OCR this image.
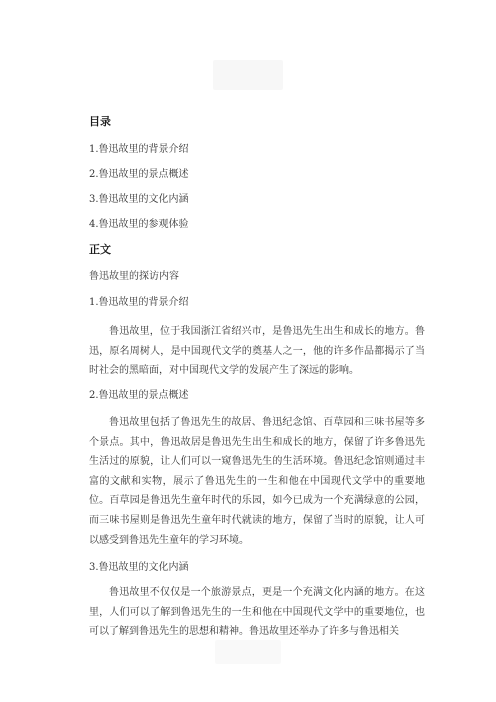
目录
1.鲁迅故里的背景介绍
2.鲁迅故里的景点概述
3.鲁迅故里的文化内涵
4.鲁迅故里的参观体验
正文
鲁迅故里的探访内容
1.鲁迅故里的背景介绍

鲁迅故里，位于我国浙江省绍兴市，是鲁迅先生出生和成长的地方。鲁迅，原名周树人，是中国现代文学的奠基人之一，他的许多作品都揭示了当时社会的黑暗面，对中国现代文学的发展产生了深远的影响。

2.鲁迅故里的景点概述

鲁迅故里包括了鲁迅先生的故居、鲁迅纪念馆、百草园和三味书屋等多个景点。其中，鲁迅故居是鲁迅先生出生和成长的地方，保留了许多鲁迅先生活过的原貌，让人们可以一窥鲁迅先生的生活环境。鲁迅纪念馆则通过丰富的文献和实物，展示了鲁迅先生的一生和他在中国现代文学中的重要地位。百草园是鲁迅先生童年时代的乐园，如今已成为一个充满绿意的公园，而三味书屋则是鲁迅先生童年时代就读的地方，保留了当时的原貌，让人可以感受到鲁迅先生童年的学习环境。

3.鲁迅故里的文化内涵

鲁迅故里不仅仅是一个旅游景点，更是一个充满文化内涵的地方。在这里，人们可以了解到鲁迅先生的一生和他在中国现代文学中的重要地位，也可以了解到鲁迅先生的思想和精神。鲁迅故里还举办了许多与鲁迅相关
